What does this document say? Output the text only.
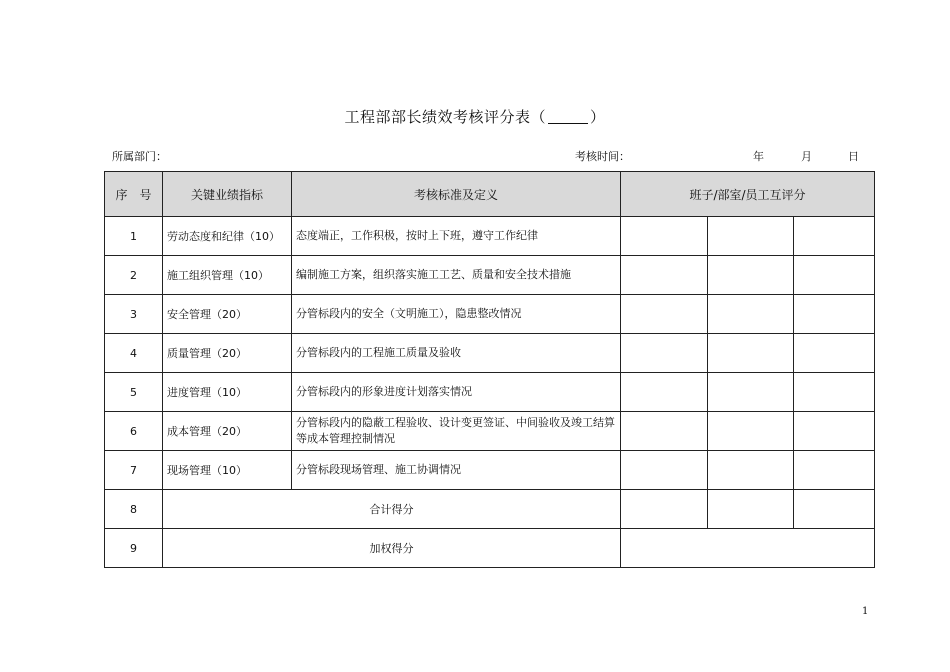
工程部部长绩效考核评分表（	）
所属部门：	考核时间：	年	月	日
序　号	关键业绩指标	考核标准及定义	班子/部室/员工互评分		
1	劳动态度和纪律（10）	态度端正，工作积极，按时上下班，遵守工作纪律			
2	施工组织管理（10）	编制施工方案，组织落实施工工艺、质量和安全技术措施			
3	安全管理（20）	分管标段内的安全（文明施工），隐患整改情况			
4	质量管理（20）	分管标段内的工程施工质量及验收			
5	进度管理（10）	分管标段内的形象进度计划落实情况			
6	成本管理（20）	分管标段内的隐蔽工程验收、设计变更签证、中间验收及竣工结算等成本管理控制情况			
7	现场管理（10）	分管标段现场管理、施工协调情况			
8	合计得分				
9	加权得分				
1
